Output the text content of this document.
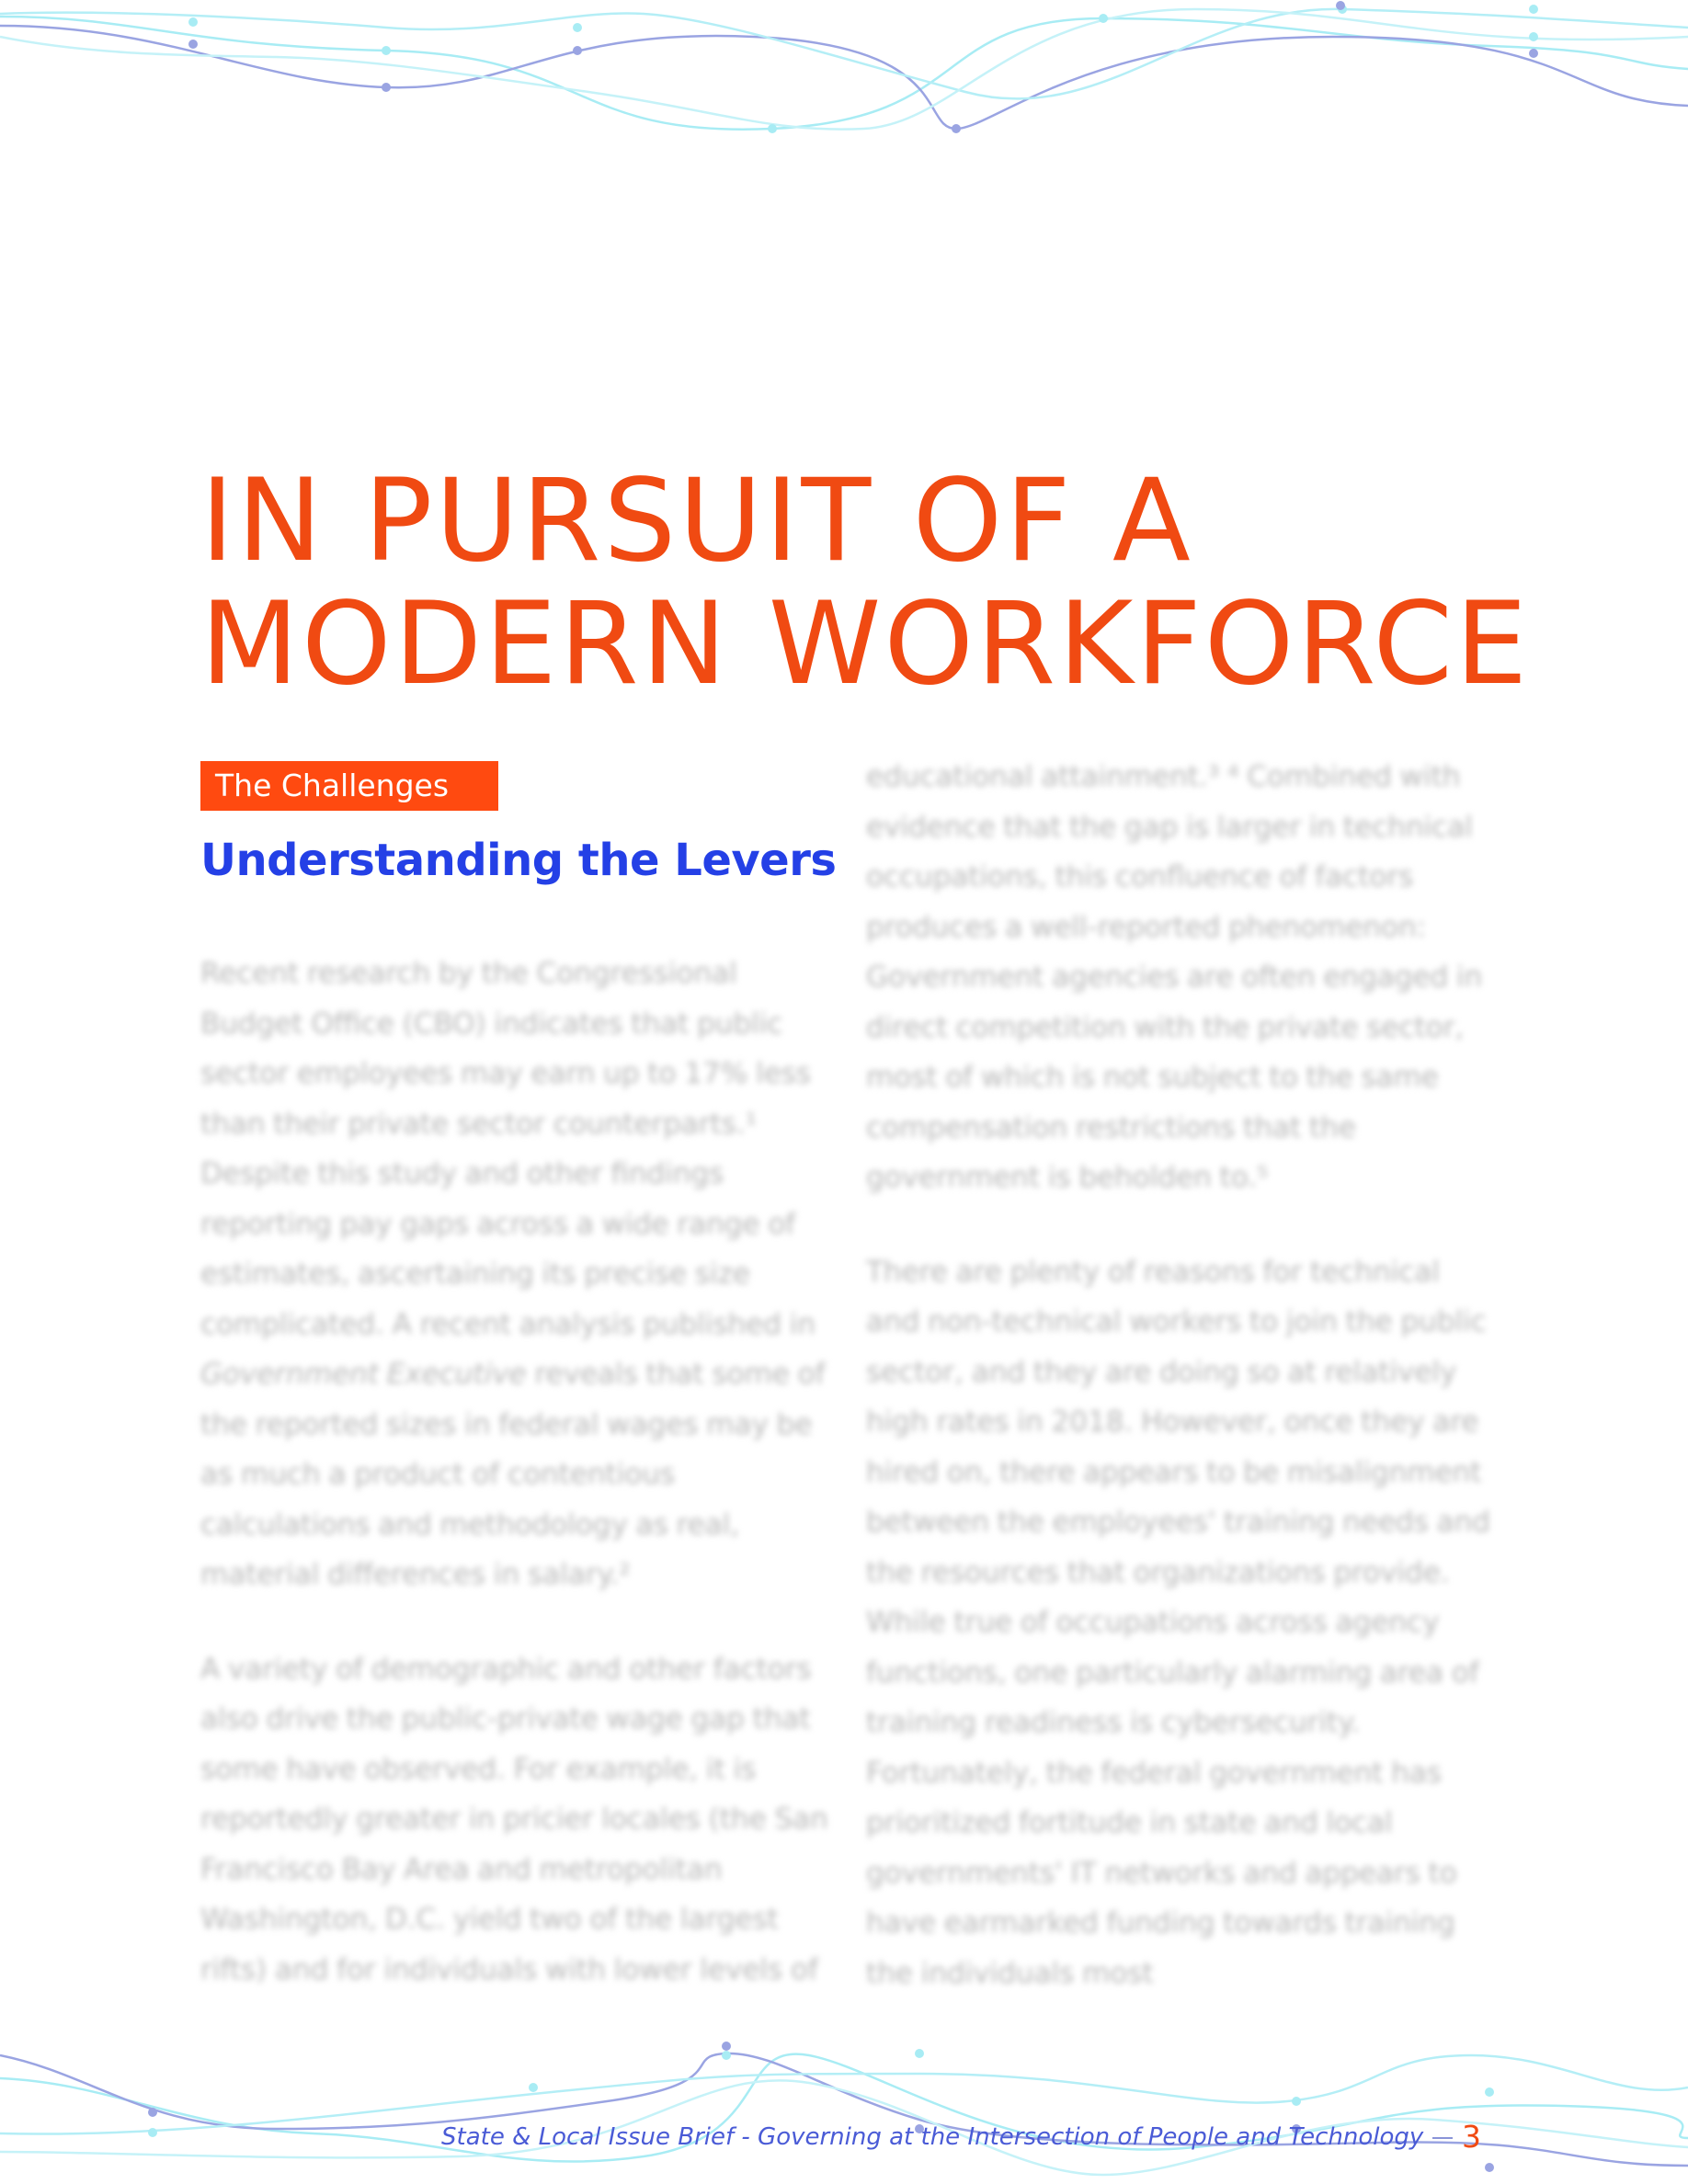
IN PURSUIT OF A
MODERN WORKFORCE
The Challenges
Understanding the Levers

Recent research by the Congressional Budget Office (CBO) indicates that public sector employees may earn up to 17% less than their private sector counterparts.¹ Despite this study and other findings reporting pay gaps across a wide range of estimates, ascertaining its precise size complicated. A recent analysis published in Government Executive reveals that some of the reported sizes in federal wages may be as much a product of contentious calculations and methodology as real, material differences in salary.²

A variety of demographic and other factors also drive the public-private wage gap that some have observed. For example, it is reportedly greater in pricier locales (the San Francisco Bay Area and metropolitan Washington, D.C. yield two of the largest rifts) and for individuals with lower levels of

educational attainment.³ ⁴ Combined with evidence that the gap is larger in technical occupations, this confluence of factors produces a well-reported phenomenon: Government agencies are often engaged in direct competition with the private sector, most of which is not subject to the same compensation restrictions that the government is beholden to.⁵

There are plenty of reasons for technical and non-technical workers to join the public sector, and they are doing so at relatively high rates in 2018. However, once they are hired on, there appears to be misalignment between the employees' training needs and the resources that organizations provide. While true of occupations across agency functions, one particularly alarming area of training readiness is cybersecurity. Fortunately, the federal government has prioritized fortitude in state and local governments' IT networks and appears to have earmarked funding towards training the individuals most

State & Local Issue Brief - Governing at the Intersection of People and Technology 3
